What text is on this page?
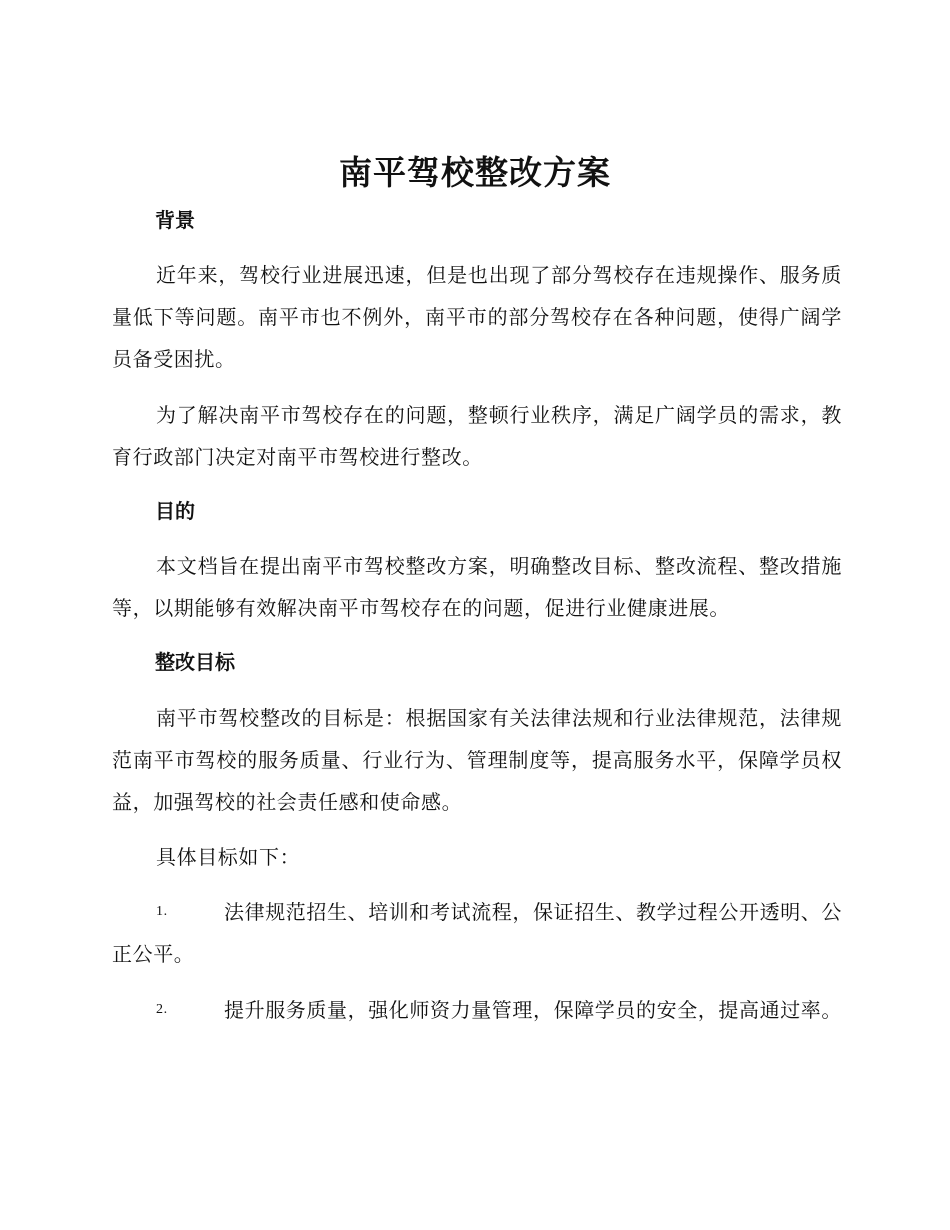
南平驾校整改方案
背景
近年来，驾校行业进展迅速，但是也出现了部分驾校存在违规操作、服务质量低下等问题。南平市也不例外，南平市的部分驾校存在各种问题，使得广阔学员备受困扰。
为了解决南平市驾校存在的问题，整顿行业秩序，满足广阔学员的需求，教育行政部门决定对南平市驾校进行整改。
目的
本文档旨在提出南平市驾校整改方案，明确整改目标、整改流程、整改措施等，以期能够有效解决南平市驾校存在的问题，促进行业健康进展。
整改目标
南平市驾校整改的目标是：根据国家有关法律法规和行业法律规范，法律规范南平市驾校的服务质量、行业行为、管理制度等，提高服务水平，保障学员权益，加强驾校的社会责任感和使命感。
具体目标如下：
1.	法律规范招生、培训和考试流程，保证招生、教学过程公开透明、公正公平。
2.	提升服务质量，强化师资力量管理，保障学员的安全，提高通过率。
